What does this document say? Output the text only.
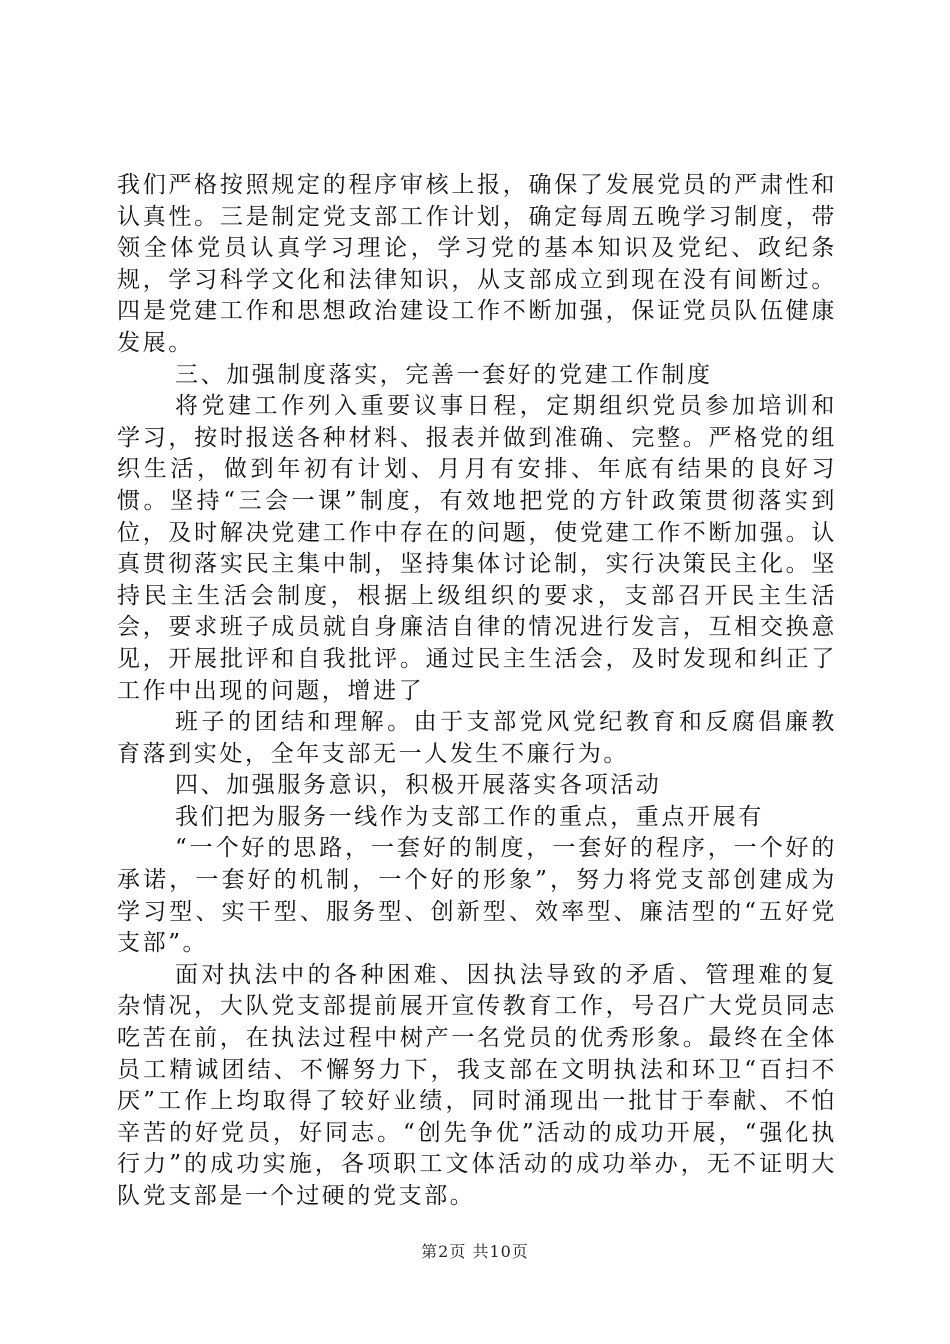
我们严格按照规定的程序审核上报，确保了发展党员的严肃性和认真性。三是制定党支部工作计划，确定每周五晚学习制度，带领全体党员认真学习理论，学习党的基本知识及党纪、政纪条规，学习科学文化和法律知识，从支部成立到现在没有间断过。四是党建工作和思想政治建设工作不断加强，保证党员队伍健康发展。

三、加强制度落实，完善一套好的党建工作制度

将党建工作列入重要议事日程，定期组织党员参加培训和学习，按时报送各种材料、报表并做到准确、完整。严格党的组织生活，做到年初有计划、月月有安排、年底有结果的良好习惯。坚持“三会一课”制度，有效地把党的方针政策贯彻落实到位，及时解决党建工作中存在的问题，使党建工作不断加强。认真贯彻落实民主集中制，坚持集体讨论制，实行决策民主化。坚持民主生活会制度，根据上级组织的要求，支部召开民主生活会，要求班子成员就自身廉洁自律的情况进行发言，互相交换意见，开展批评和自我批评。通过民主生活会，及时发现和纠正了工作中出现的问题，增进了

班子的团结和理解。由于支部党风党纪教育和反腐倡廉教育落到实处，全年支部无一人发生不廉行为。

四、加强服务意识，积极开展落实各项活动

我们把为服务一线作为支部工作的重点，重点开展有

“一个好的思路，一套好的制度，一套好的程序，一个好的承诺，一套好的机制，一个好的形象”，努力将党支部创建成为学习型、实干型、服务型、创新型、效率型、廉洁型的“五好党支部”。

面对执法中的各种困难、因执法导致的矛盾、管理难的复杂情况，大队党支部提前展开宣传教育工作，号召广大党员同志吃苦在前，在执法过程中树产一名党员的优秀形象。最终在全体员工精诚团结、不懈努力下，我支部在文明执法和环卫“百扫不厌”工作上均取得了较好业绩，同时涌现出一批甘于奉献、不怕辛苦的好党员，好同志。“创先争优”活动的成功开展，“强化执行力”的成功实施，各项职工文体活动的成功举办，无不证明大队党支部是一个过硬的党支部。

第2页 共10页
